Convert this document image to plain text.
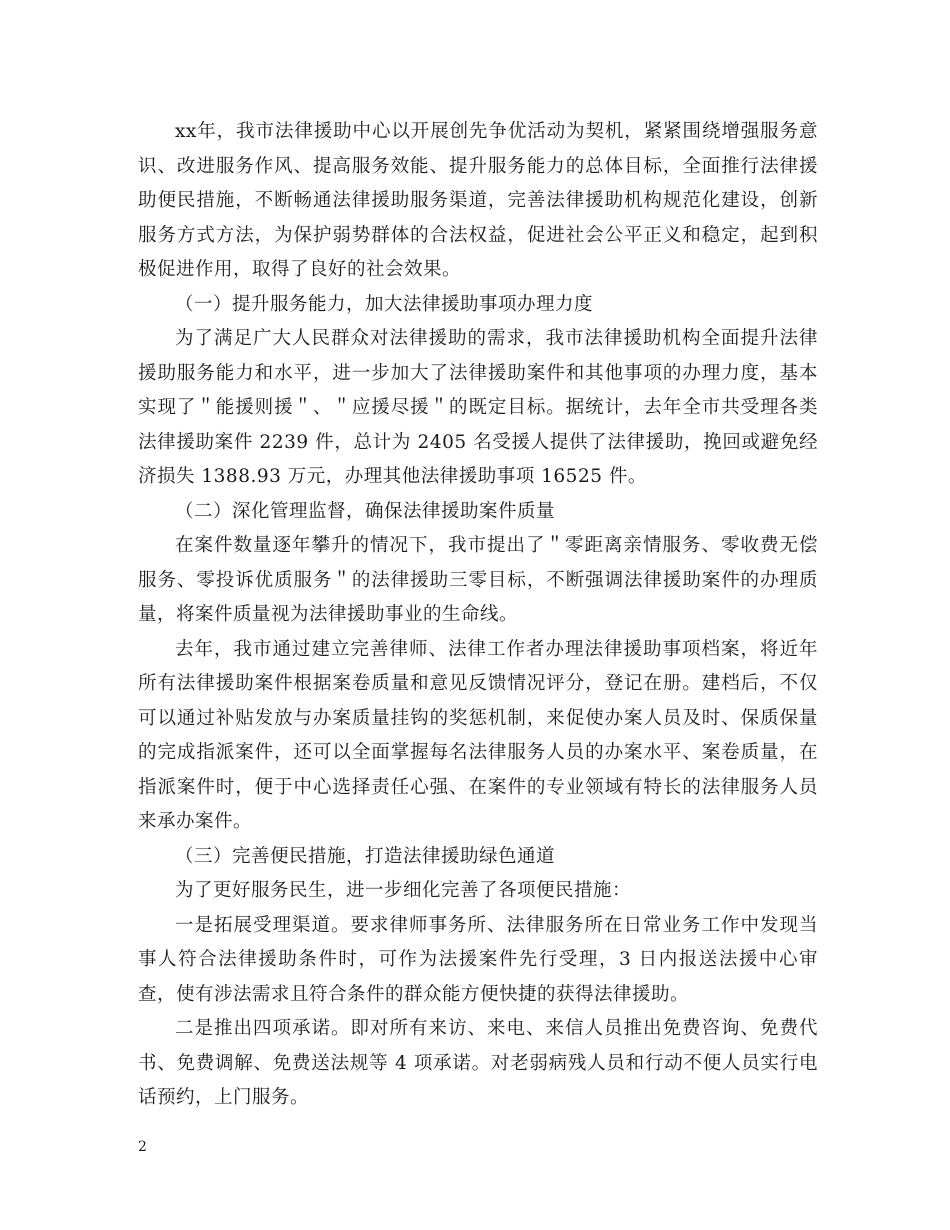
xx年，我市法律援助中心以开展创先争优活动为契机，紧紧围绕增强服务意识、改进服务作风、提高服务效能、提升服务能力的总体目标，全面推行法律援助便民措施，不断畅通法律援助服务渠道，完善法律援助机构规范化建设，创新服务方式方法，为保护弱势群体的合法权益，促进社会公平正义和稳定，起到积极促进作用，取得了良好的社会效果。

（一）提升服务能力，加大法律援助事项办理力度

为了满足广大人民群众对法律援助的需求，我市法律援助机构全面提升法律援助服务能力和水平，进一步加大了法律援助案件和其他事项的办理力度，基本实现了＂能援则援＂、＂应援尽援＂的既定目标。据统计，去年全市共受理各类法律援助案件 2239 件，总计为 2405 名受援人提供了法律援助，挽回或避免经济损失 1388.93 万元，办理其他法律援助事项 16525 件。

（二）深化管理监督，确保法律援助案件质量

在案件数量逐年攀升的情况下，我市提出了＂零距离亲情服务、零收费无偿服务、零投诉优质服务＂的法律援助三零目标，不断强调法律援助案件的办理质量，将案件质量视为法律援助事业的生命线。

去年，我市通过建立完善律师、法律工作者办理法律援助事项档案，将近年所有法律援助案件根据案卷质量和意见反馈情况评分，登记在册。建档后，不仅可以通过补贴发放与办案质量挂钩的奖惩机制，来促使办案人员及时、保质保量的完成指派案件，还可以全面掌握每名法律服务人员的办案水平、案卷质量，在指派案件时，便于中心选择责任心强、在案件的专业领域有特长的法律服务人员来承办案件。

（三）完善便民措施，打造法律援助绿色通道

为了更好服务民生，进一步细化完善了各项便民措施：

一是拓展受理渠道。要求律师事务所、法律服务所在日常业务工作中发现当事人符合法律援助条件时，可作为法援案件先行受理，3 日内报送法援中心审查，使有涉法需求且符合条件的群众能方便快捷的获得法律援助。

二是推出四项承诺。即对所有来访、来电、来信人员推出免费咨询、免费代书、免费调解、免费送法规等 4 项承诺。对老弱病残人员和行动不便人员实行电话预约，上门服务。

2
